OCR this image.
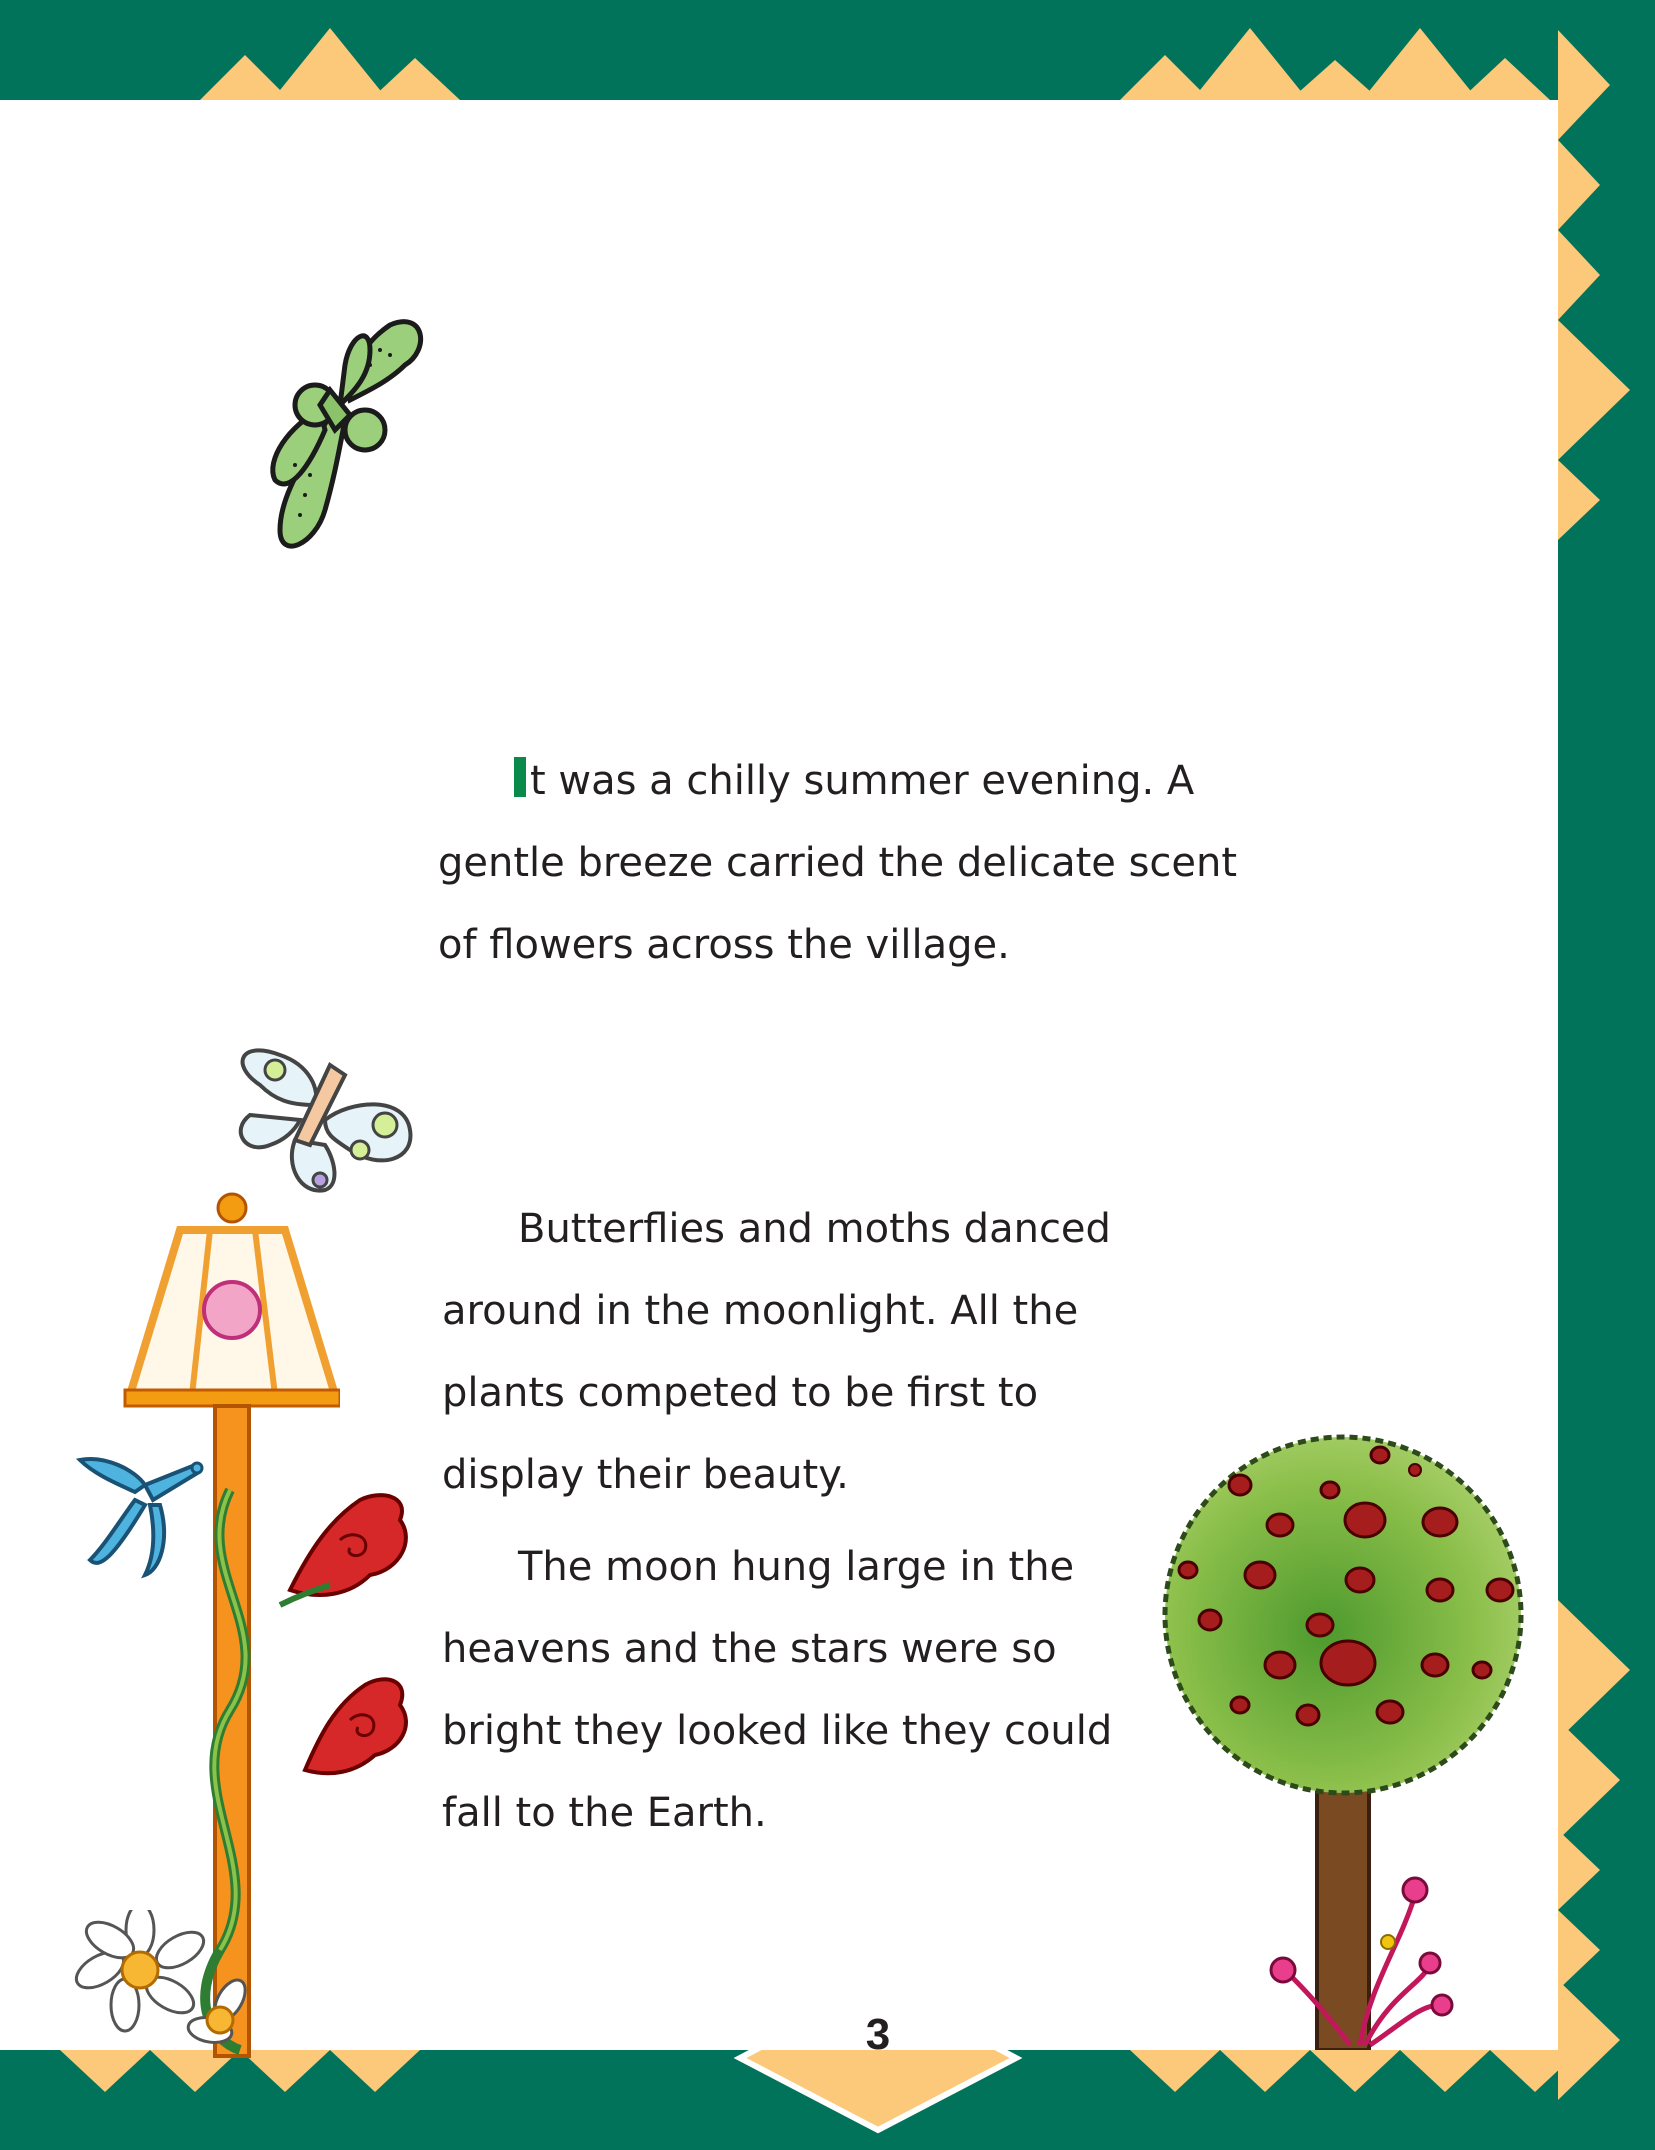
t was a chilly summer evening. A gentle breeze carried the delicate scent of flowers across the village.

Butterflies and moths danced around in the moonlight. All the plants competed to be first to display their beauty.

The moon hung large in the heavens and the stars were so bright they looked like they could fall to the Earth.

3
